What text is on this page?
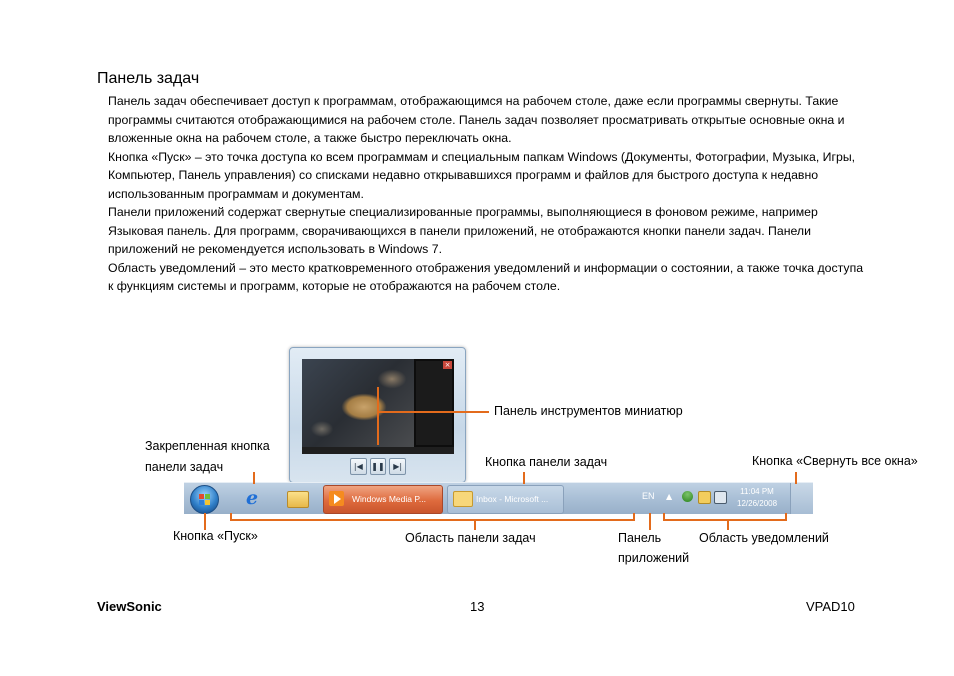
Панель задач

Панель задач обеспечивает доступ к программам, отображающимся на рабочем столе, даже если программы свернуты. Такие программы считаются отображающимися на рабочем столе. Панель задач позволяет просматривать открытые основные окна и вложенные окна на рабочем столе, а также быстро переключать окна.

Кнопка «Пуск» – это точка доступа ко всем программам и специальным папкам Windows (Документы, Фотографии, Музыка, Игры, Компьютер, Панель управления) со списками недавно открывавшихся программ и файлов для быстрого доступа к недавно использованным программам и документам.

Панели приложений содержат свернутые специализированные программы, выполняющиеся в фоновом режиме, например Языковая панель. Для программ, сворачивающихся в панели приложений, не отображаются кнопки панели задач. Панели приложений не рекомендуется использовать в Windows 7.

Область уведомлений – это место кратковременного отображения уведомлений и информации о состоянии, а также точка доступа к функциям системы и программ, которые не отображаются на рабочем столе.

×
|◀	❚❚	▶|
e	Windows Media P...	Inbox - Microsoft ...	EN ▲
11:04 PM
12/26/2008
Панель инструментов миниатюр
Закрепленная кнопка
панели задач	Кнопка панели задач	Кнопка «Свернуть все окна»
Кнопка «Пуск»	Область панели задач	Панель
приложений
Область уведомлений
ViewSonic	13	VPAD10
